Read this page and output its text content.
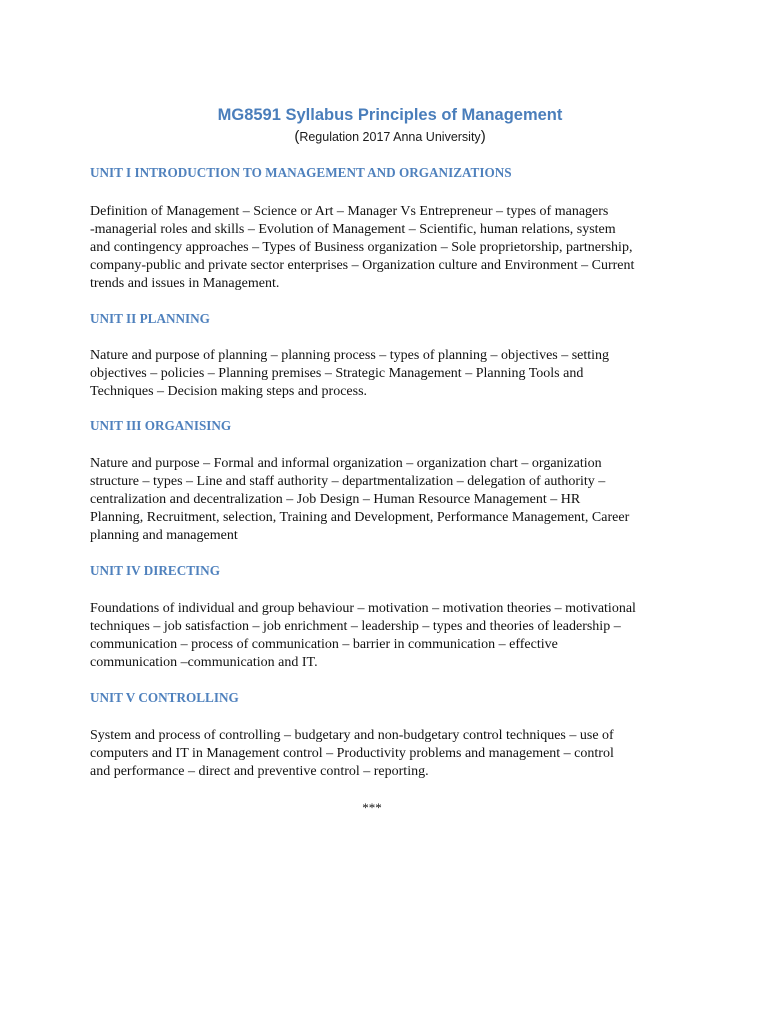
MG8591 Syllabus Principles of Management

(Regulation 2017 Anna University)

UNIT I INTRODUCTION TO MANAGEMENT AND ORGANIZATIONS
Definition of Management – Science or Art – Manager Vs Entrepreneur – types of managers
-managerial roles and skills – Evolution of Management – Scientific, human relations, system
and contingency approaches – Types of Business organization – Sole proprietorship, partnership,
company-public and private sector enterprises – Organization culture and Environment – Current
trends and issues in Management.
UNIT II PLANNING
Nature and purpose of planning – planning process – types of planning – objectives – setting
objectives – policies – Planning premises – Strategic Management – Planning Tools and
Techniques – Decision making steps and process.
UNIT III ORGANISING
Nature and purpose – Formal and informal organization – organization chart – organization
structure – types – Line and staff authority – departmentalization – delegation of authority –
centralization and decentralization – Job Design – Human Resource Management – HR
Planning, Recruitment, selection, Training and Development, Performance Management, Career
planning and management
UNIT IV DIRECTING
Foundations of individual and group behaviour – motivation – motivation theories – motivational
techniques – job satisfaction – job enrichment – leadership – types and theories of leadership –
communication – process of communication – barrier in communication – effective
communication –communication and IT.
UNIT V CONTROLLING
System and process of controlling – budgetary and non-budgetary control techniques – use of
computers and IT in Management control – Productivity problems and management – control
and performance – direct and preventive control – reporting.

***
